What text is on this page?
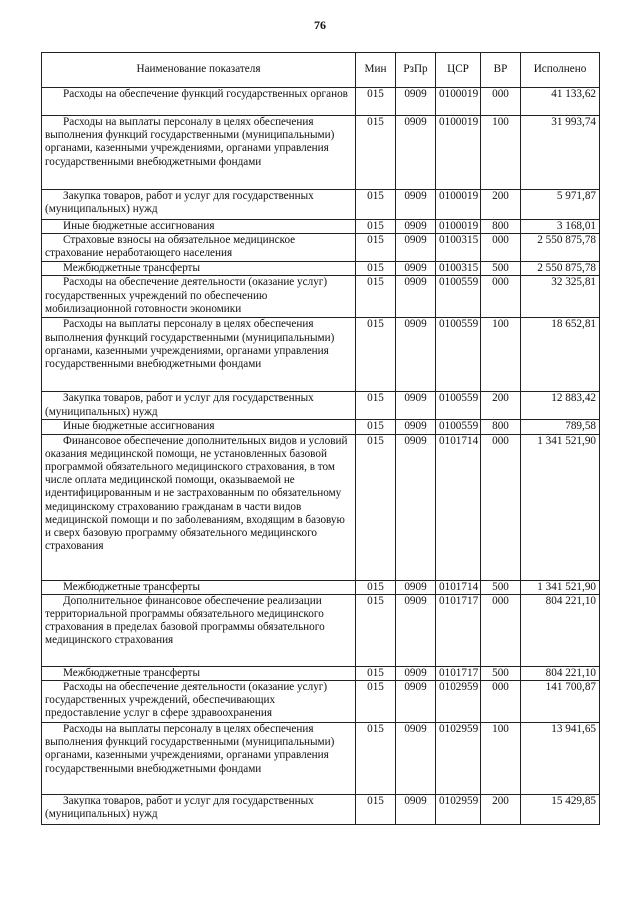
76
Наименование показателя	Мин	РзПр	ЦСР	ВР	Исполнено

Расходы на обеспечение функций государственных органов	015	0909	0100019	000	41 133,62

Расходы на выплаты персоналу в целях обеспечения выполнения функций государственными (муниципальными) органами, казенными учреждениями, органами управления государственными внебюджетными фондами	015	0909	0100019	100	31 993,74

Закупка товаров, работ и услуг для государственных (муниципальных) нужд	015	0909	0100019	200	5 971,87

Иные бюджетные ассигнования	015	0909	0100019	800	3 168,01

Страховые взносы на обязательное медицинское страхование неработающего населения	015	0909	0100315	000	2 550 875,78

Межбюджетные трансферты	015	0909	0100315	500	2 550 875,78

Расходы на обеспечение деятельности (оказание услуг) государственных учреждений по обеспечению мобилизационной готовности экономики	015	0909	0100559	000	32 325,81

Расходы на выплаты персоналу в целях обеспечения выполнения функций государственными (муниципальными) органами, казенными учреждениями, органами управления государственными внебюджетными фондами	015	0909	0100559	100	18 652,81

Закупка товаров, работ и услуг для государственных (муниципальных) нужд	015	0909	0100559	200	12 883,42

Иные бюджетные ассигнования	015	0909	0100559	800	789,58

Финансовое обеспечение дополнительных видов и условий оказания медицинской помощи, не установленных базовой программой обязательного медицинского страхования, в том числе оплата медицинской помощи, оказываемой не идентифицированным и не застрахованным по обязательному медицинскому страхованию гражданам в части видов медицинской помощи и по заболеваниям, входящим в базовую и сверх базовую программу обязательного медицинского страхования	015	0909	0101714	000	1 341 521,90

Межбюджетные трансферты	015	0909	0101714	500	1 341 521,90

Дополнительное финансовое обеспечение реализации территориальной программы обязательного медицинского страхования в пределах базовой программы обязательного медицинского страхования	015	0909	0101717	000	804 221,10

Межбюджетные трансферты	015	0909	0101717	500	804 221,10

Расходы на обеспечение деятельности (оказание услуг) государственных учреждений, обеспечивающих предоставление услуг в сфере здравоохранения	015	0909	0102959	000	141 700,87

Расходы на выплаты персоналу в целях обеспечения выполнения функций государственными (муниципальными) органами, казенными учреждениями, органами управления государственными внебюджетными фондами	015	0909	0102959	100	13 941,65

Закупка товаров, работ и услуг для государственных (муниципальных) нужд	015	0909	0102959	200	15 429,85
